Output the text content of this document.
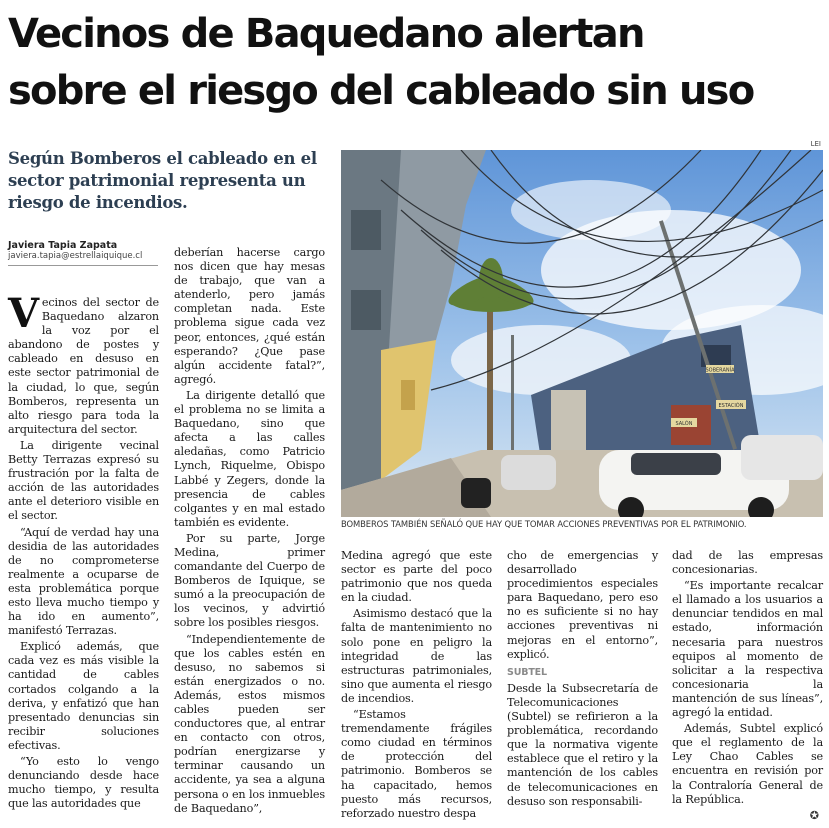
Vecinos de Baquedano alertan
sobre el riesgo del cableado sin uso
LEI

Según Bomberos el cableado en el sector patrimonial representa un riesgo de incendios.

Javiera Tapia Zapata
javiera.tapia@estrellaiquique.cl

Vecinos del sector de Baquedano alzaron la voz por el abandono de postes y cableado en desuso en este sector patrimonial de la ciudad, lo que, según Bomberos, representa un alto riesgo para toda la arquitectura del sector.

La dirigente vecinal Betty Terrazas expresó su frustración por la falta de acción de las autoridades ante el deterioro visible en el sector.

“Aquí de verdad hay una desidia de las autoridades de no comprometerse realmente a ocuparse de esta problemática porque esto lleva mucho tiempo y ha ido en aumento”, manifestó Terrazas.

Explicó además, que cada vez es más visible la cantidad de cables cortados colgando a la deriva, y enfatizó que han presentado denuncias sin recibir soluciones efectivas.

“Yo esto lo vengo denunciando desde hace mucho tiempo, y resulta que las autoridades que

deberían hacerse cargo nos dicen que hay mesas de trabajo, que van a atenderlo, pero jamás completan nada. Este problema sigue cada vez peor, entonces, ¿qué están esperando? ¿Que pase algún accidente fatal?”, agregó.

La dirigente detalló que el problema no se limita a Baquedano, sino que afecta a las calles aledañas, como Patricio Lynch, Riquelme, Obispo Labbé y Zegers, donde la presencia de cables colgantes y en mal estado también es evidente.

Por su parte, Jorge Medina, primer comandante del Cuerpo de Bomberos de Iquique, se sumó a la preocupación de los vecinos, y advirtió sobre los posibles riesgos.

“Independientemente de que los cables estén en desuso, no sabemos si están energizados o no. Además, estos mismos cables pueden ser conductores que, al entrar en contacto con otros, podrían energizarse y terminar causando un accidente, ya sea a alguna persona o en los inmuebles de Baquedano”,

SOBERANÍA
ESTACIÓN
SALÓN
BOMBEROS TAMBIÉN SEÑALÓ QUE HAY QUE TOMAR ACCIONES PREVENTIVAS POR EL PATRIMONIO.

Medina agregó que este sector es parte del poco patrimonio que nos queda en la ciudad.

Asimismo destacó que la falta de mantenimiento no solo pone en peligro la integridad de las estructuras patrimoniales, sino que aumenta el riesgo de incendios.

“Estamos tremendamente frágiles como ciudad en términos de protección del patrimonio. Bomberos se ha capacitado, hemos puesto más recursos, reforzado nuestro despa

cho de emergencias y desarrollado procedimientos especiales para Baquedano, pero eso no es suficiente si no hay acciones preventivas ni mejoras en el entorno”, explicó.

SUBTEL

Desde la Subsecretaría de Telecomunicaciones (Subtel) se refirieron a la problemática, recordando que la normativa vigente establece que el retiro y la mantención de los cables de telecomunicaciones en desuso son responsabili-

dad de las empresas concesionarias.

“Es importante recalcar el llamado a los usuarios a denunciar tendidos en mal estado, información necesaria para nuestros equipos al momento de solicitar a la respectiva concesionaria la mantención de sus líneas”, agregó la entidad.

Además, Subtel explicó que el reglamento de la Ley Chao Cables se encuentra en revisión por la Contraloría General de la República.

✪
